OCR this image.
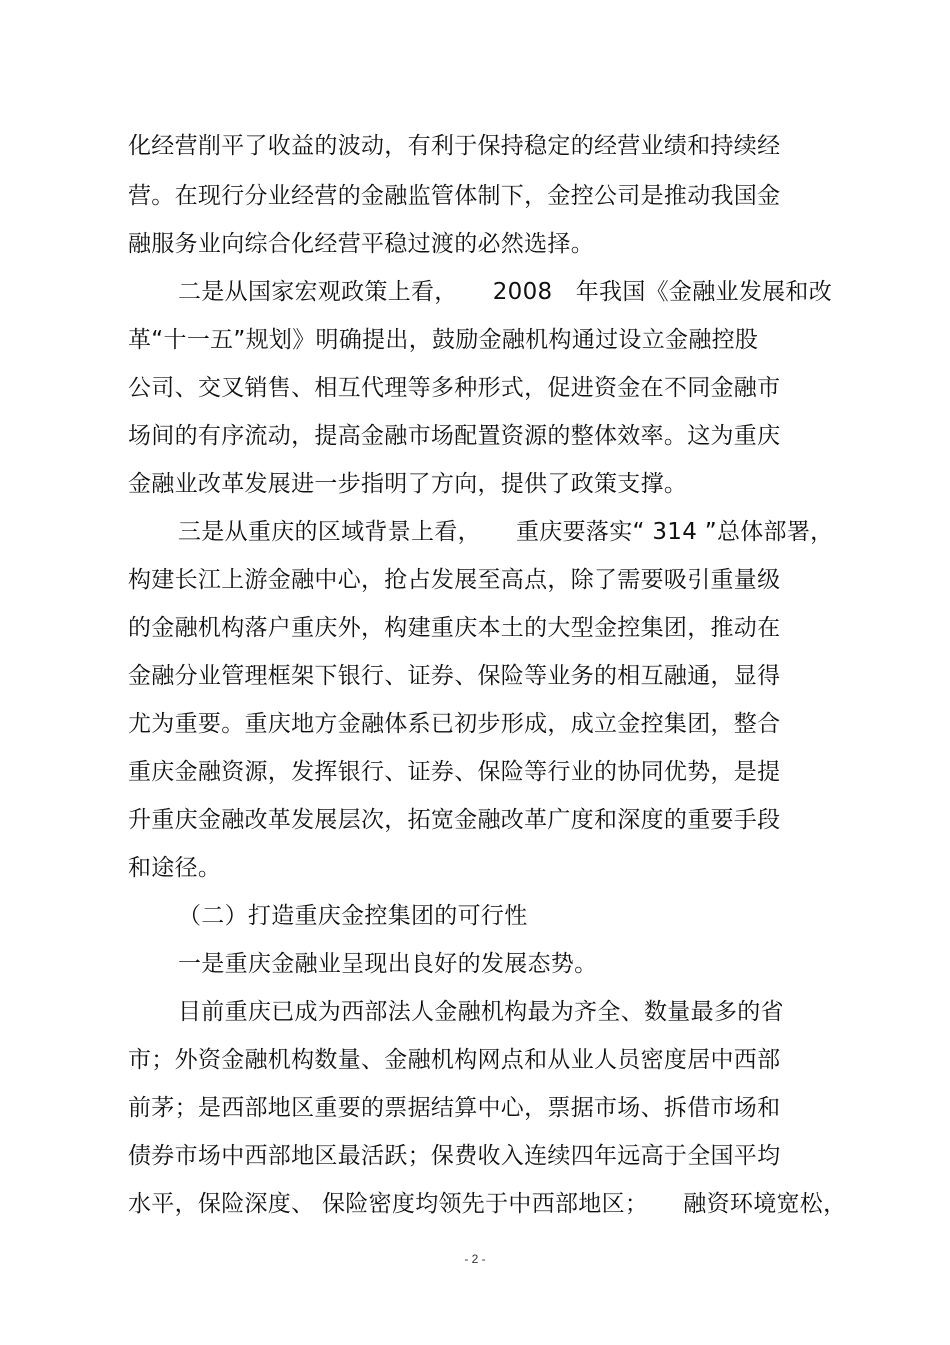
化经营削平了收益的波动，有利于保持稳定的经营业绩和持续经
营。在现行分业经营的金融监管体制下，金控公司是推动我国金
融服务业向综合化经营平稳过渡的必然选择。
二是从国家宏观政策上看，　　2008　年我国《金融业发展和改
革“十一五”规划》明确提出，鼓励金融机构通过设立金融控股
公司、交叉销售、相互代理等多种形式，促进资金在不同金融市
场间的有序流动，提高金融市场配置资源的整体效率。这为重庆
金融业改革发展进一步指明了方向，提供了政策支撑。
三是从重庆的区域背景上看，　　重庆要落实“ 314 ”总体部署，
构建长江上游金融中心，抢占发展至高点，除了需要吸引重量级
的金融机构落户重庆外，构建重庆本土的大型金控集团，推动在
金融分业管理框架下银行、证券、保险等业务的相互融通，显得
尤为重要。重庆地方金融体系已初步形成，成立金控集团，整合
重庆金融资源，发挥银行、证券、保险等行业的协同优势，是提
升重庆金融改革发展层次，拓宽金融改革广度和深度的重要手段
和途径。
（二）打造重庆金控集团的可行性
一是重庆金融业呈现出良好的发展态势。
目前重庆已成为西部法人金融机构最为齐全、数量最多的省
市；外资金融机构数量、金融机构网点和从业人员密度居中西部
前茅；是西部地区重要的票据结算中心，票据市场、拆借市场和
债券市场中西部地区最活跃；保费收入连续四年远高于全国平均
水平，保险深度、 保险密度均领先于中西部地区；　　融资环境宽松，
- 2 -
